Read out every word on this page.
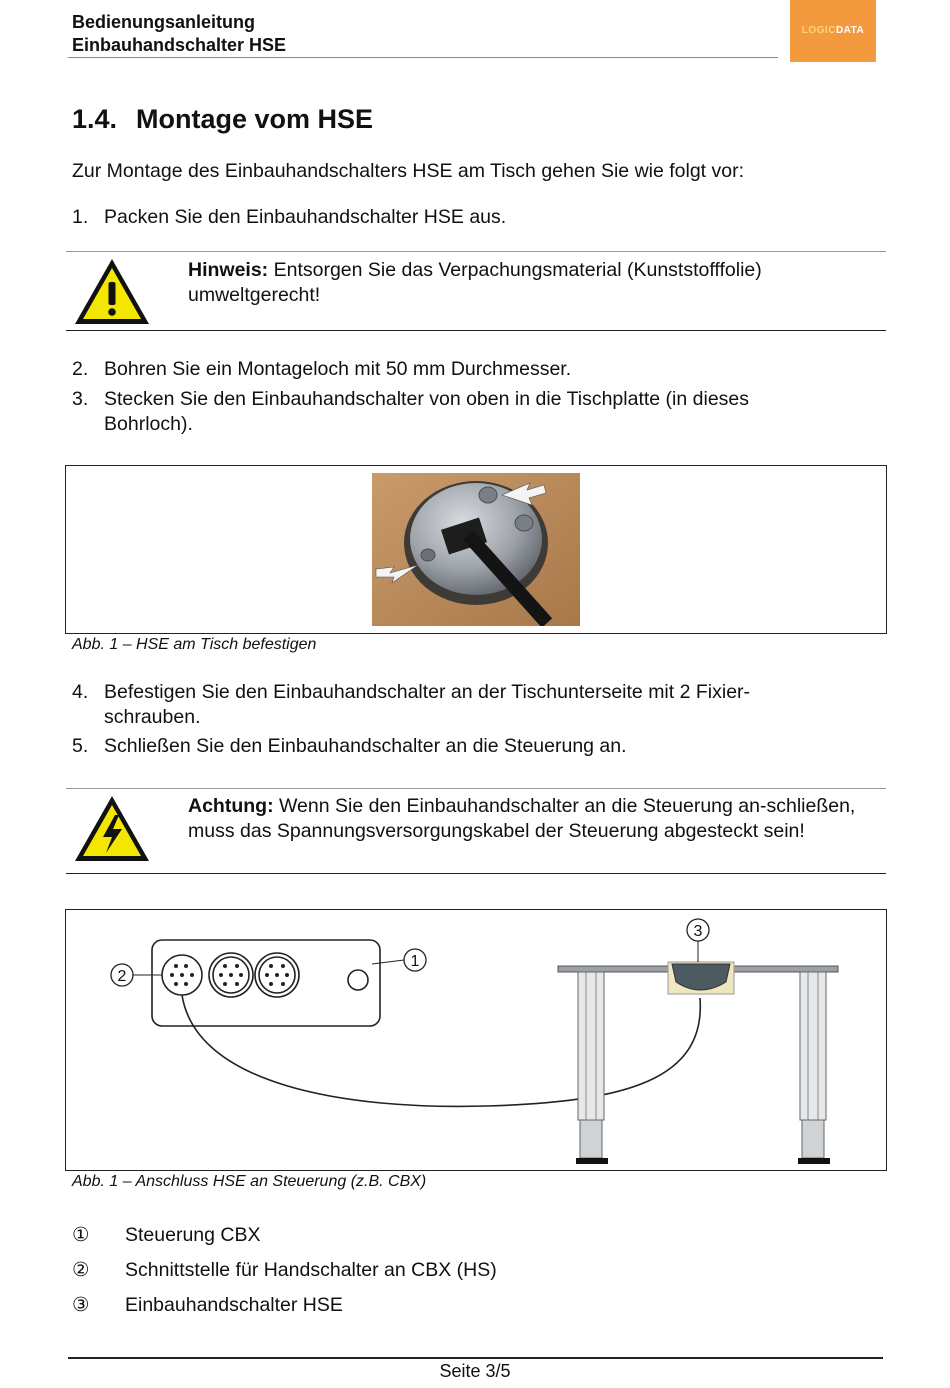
Bedienungsanleitung
Einbauhandschalter HSE
LOGICDATA
1.4. Montage vom HSE
Zur Montage des Einbauhandschalters HSE am Tisch gehen Sie wie folgt vor:
1. Packen Sie den Einbauhandschalter HSE aus.
Hinweis: Entsorgen Sie das Verpachungsmaterial (Kunststofffolie) umweltgerecht!
2. Bohren Sie ein Montageloch mit 50 mm Durchmesser.
3. Stecken Sie den Einbauhandschalter von oben in die Tischplatte (in dieses Bohrloch).
Abb. 1 – HSE am Tisch befestigen
4. Befestigen Sie den Einbauhandschalter an der Tischunterseite mit 2 Fixier-schrauben.
5. Schließen Sie den Einbauhandschalter an die Steuerung an.
Achtung: Wenn Sie den Einbauhandschalter an die Steuerung an-schließen, muss das Spannungsversorgungskabel der Steuerung abgesteckt sein!
1
2
3
Abb. 1 – Anschluss HSE an Steuerung (z.B. CBX)
① Steuerung CBX
② Schnittstelle für Handschalter an CBX (HS)
③ Einbauhandschalter HSE
Seite 3/5
